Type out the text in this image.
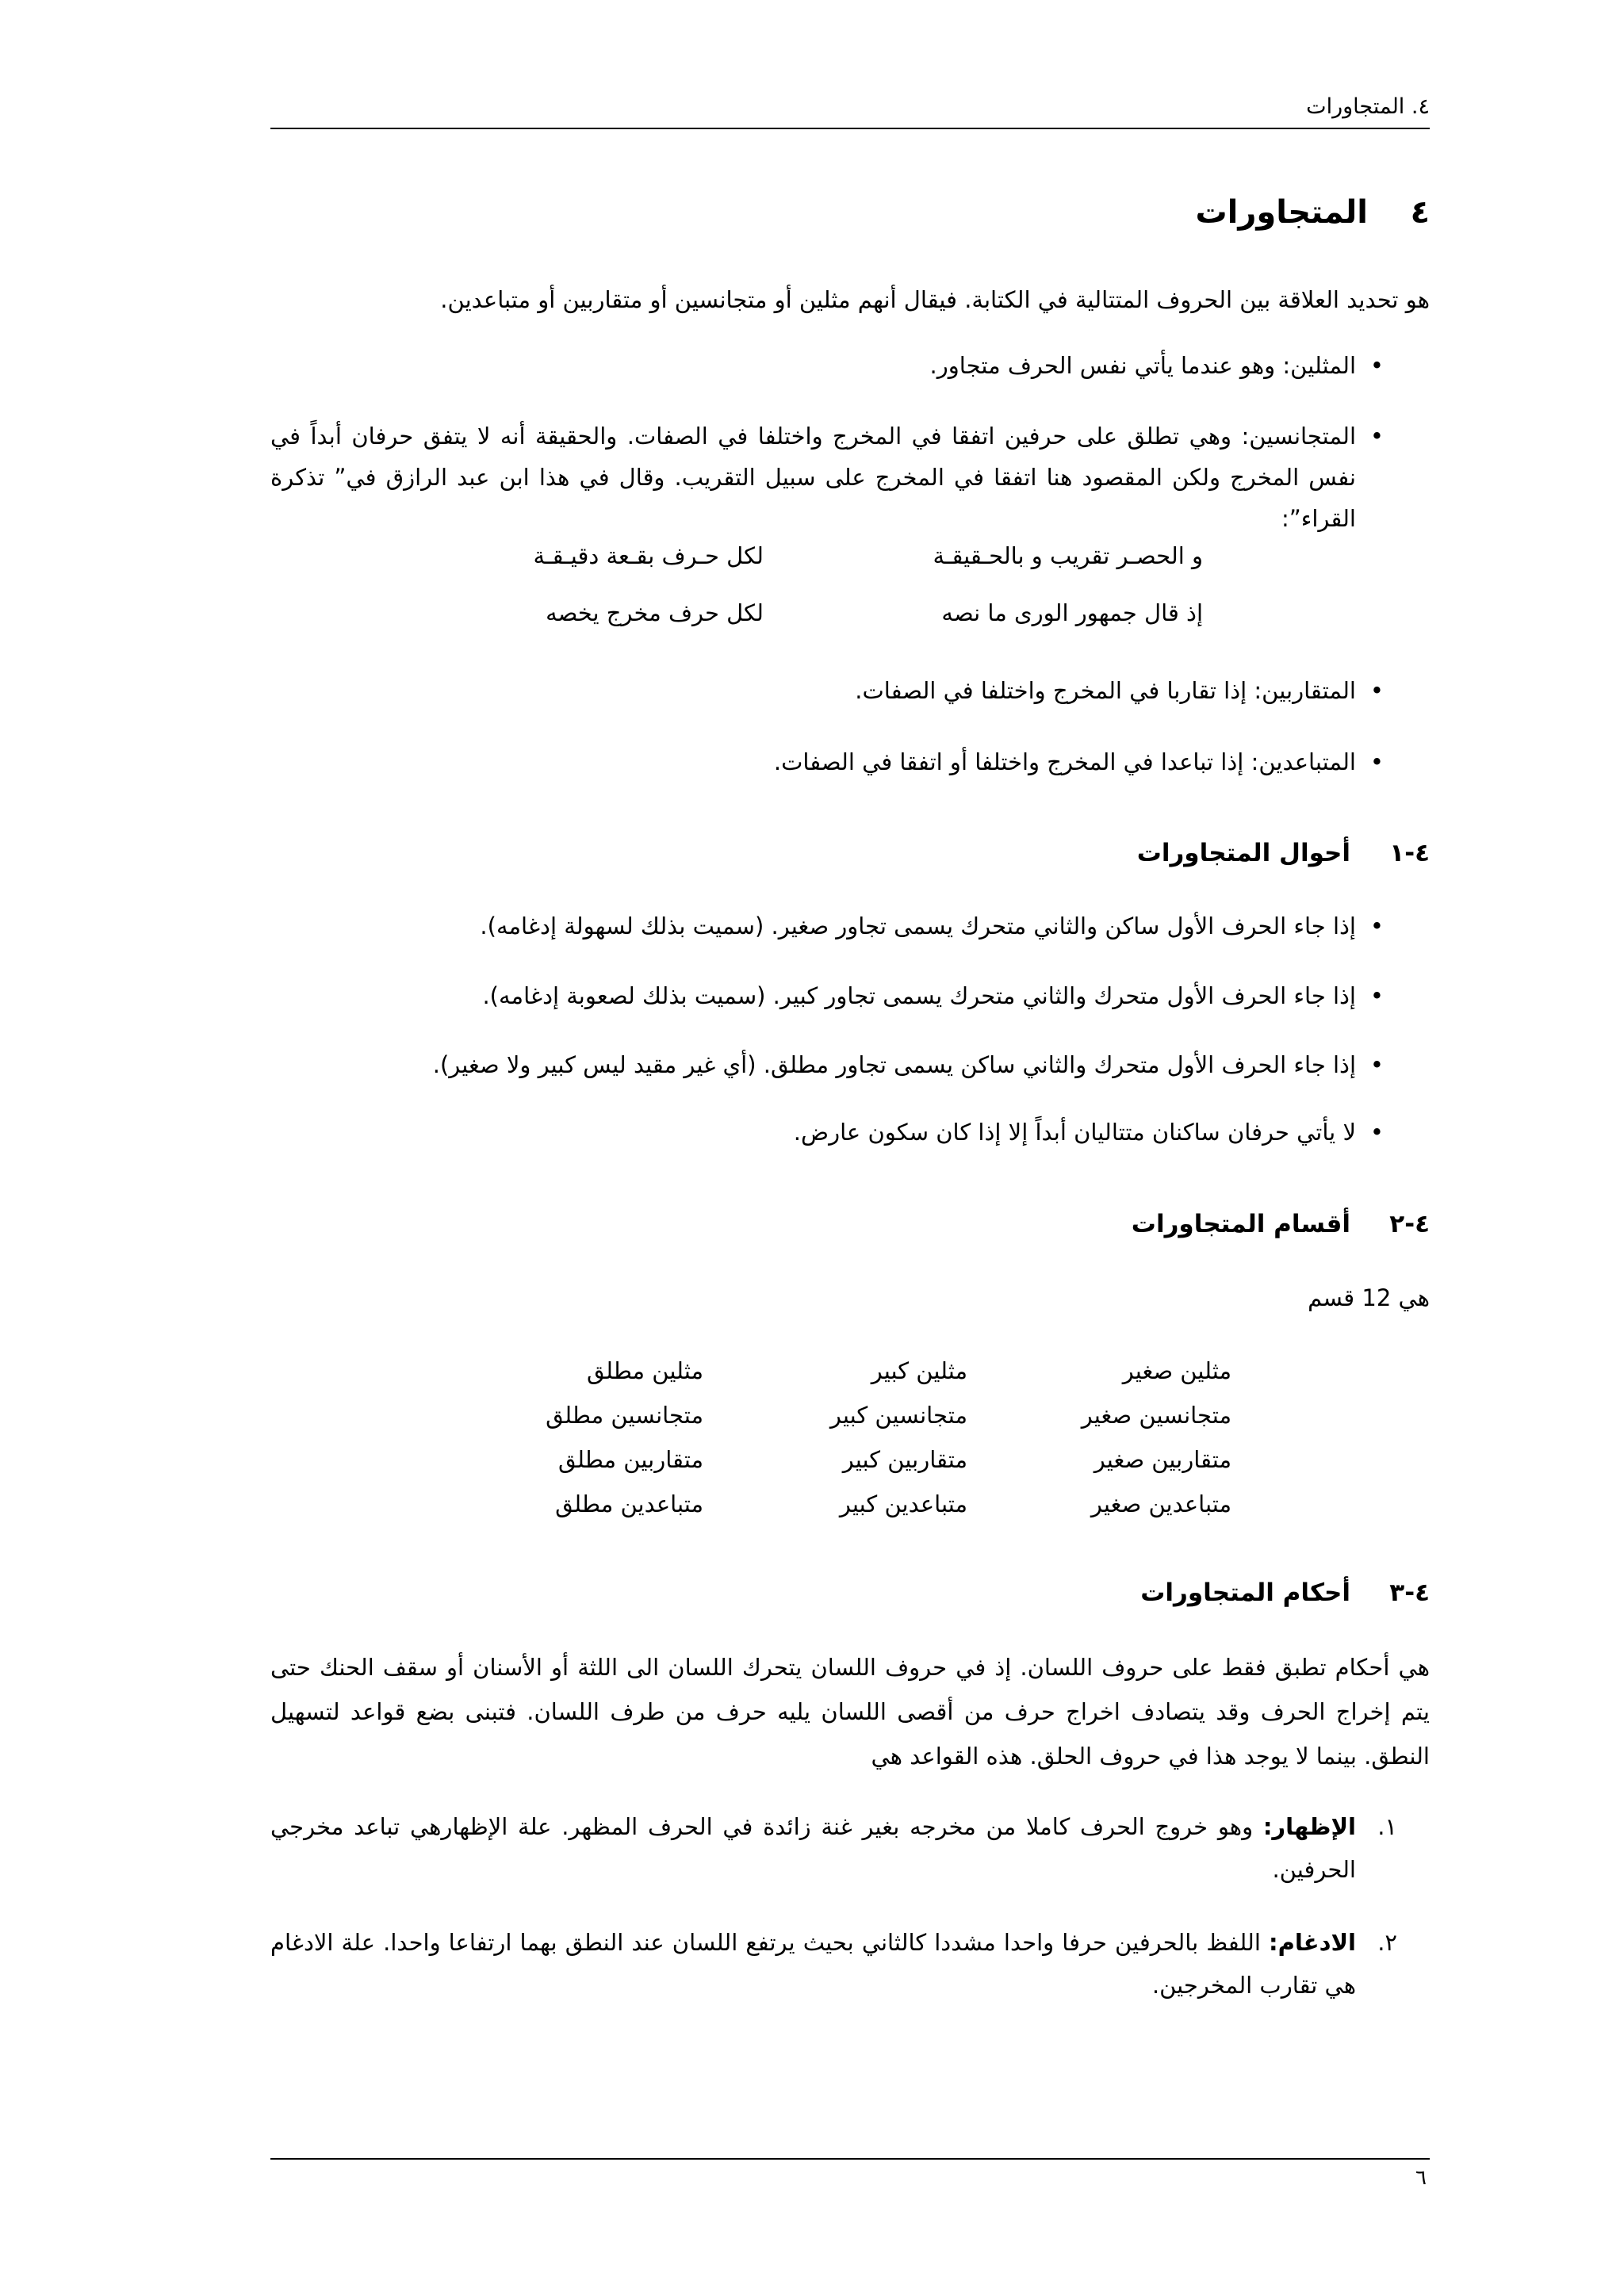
٤. المتجاورات
٤
المتجاورات
هو تحديد العلاقة بين الحروف المتتالية في الكتابة. فيقال أنهم مثلين أو متجانسين أو متقاربين أو متباعدين.
•
المثلين: وهو عندما يأتي نفس الحرف متجاور.
•
المتجانسين: وهي تطلق على حرفين اتفقا في المخرج واختلفا في الصفات. والحقيقة أنه لا يتفق حرفان أبداً في نفس المخرج ولكن المقصود هنا اتفقا في المخرج على سبيل التقريب. وقال في هذا ابن عبد الرازق في” تذكرة القراء”:
و الحصـر تقريب و بالحـقيقـة
لكل حـرف بقـعة دقيـقـة
إذ قال جمهور الورى ما نصه
لكل حرف مخرج يخصه
•
المتقاربين: إذا تقاربا في المخرج واختلفا في الصفات.
•
المتباعدين: إذا تباعدا في المخرج واختلفا أو اتفقا في الصفات.
٤-١
أحوال المتجاورات
•
إذا جاء الحرف الأول ساكن والثاني متحرك يسمى تجاور صغير. (سميت بذلك لسهولة إدغامه).
•
إذا جاء الحرف الأول متحرك والثاني متحرك يسمى تجاور كبير. (سميت بذلك لصعوبة إدغامه).
•
إذا جاء الحرف الأول متحرك والثاني ساكن يسمى تجاور مطلق. (أي غير مقيد ليس كبير ولا صغير).
•
لا يأتي حرفان ساكنان متتاليان أبداً إلا إذا كان سكون عارض.
٤-٢
أقسام المتجاورات
هي 12 قسم
مثلين صغير
مثلين كبير
مثلين مطلق
متجانسين صغير
متجانسين كبير
متجانسين مطلق
متقاربين صغير
متقاربين كبير
متقاربين مطلق
متباعدين صغير
متباعدين كبير
متباعدين مطلق
٤-٣
أحكام المتجاورات
هي أحكام تطبق فقط على حروف اللسان. إذ في حروف اللسان يتحرك اللسان الى اللثة أو الأسنان أو سقف الحنك حتى يتم إخراج الحرف وقد يتصادف اخراج حرف من أقصى اللسان يليه حرف من طرف اللسان. فتبنى بضع قواعد لتسهيل النطق. بينما لا يوجد هذا في حروف الحلق. هذه القواعد هي
١.
الإظهار: وهو خروج الحرف كاملا من مخرجه بغير غنة زائدة في الحرف المظهر. علة الإظهارهي تباعد مخرجي الحرفين.
٢.
الادغام: اللفظ بالحرفين حرفا واحدا مشددا كالثاني بحيث يرتفع اللسان عند النطق بهما ارتفاعا واحدا. علة الادغام هي تقارب المخرجين.
٦
